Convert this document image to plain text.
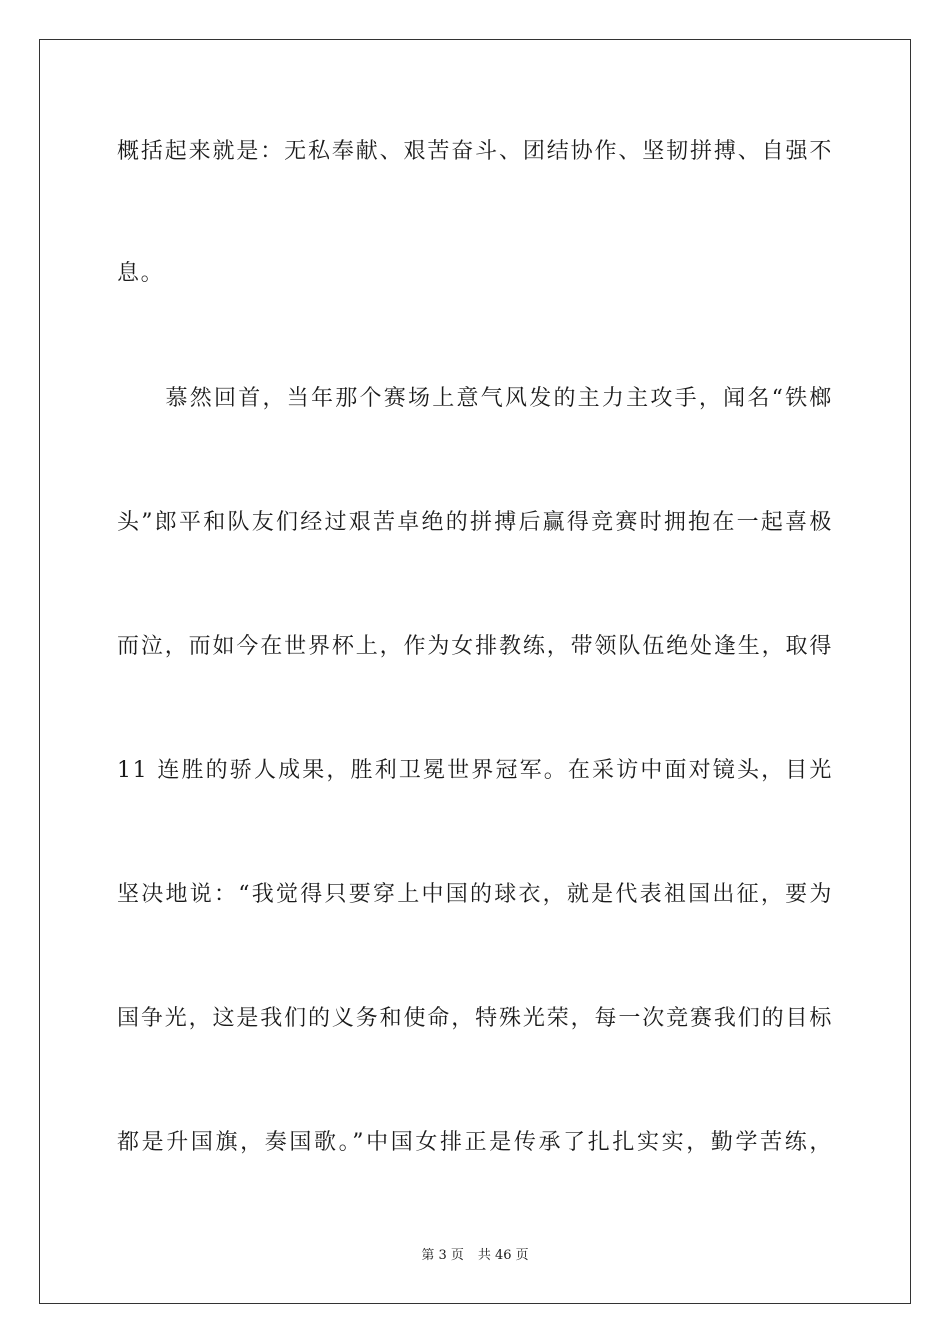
概括起来就是：无私奉献、艰苦奋斗、团结协作、坚韧拼搏、自强不
息。
　　慕然回首，当年那个赛场上意气风发的主力主攻手，闻名“铁榔
头”郎平和队友们经过艰苦卓绝的拼搏后赢得竞赛时拥抱在一起喜极
而泣，而如今在世界杯上，作为女排教练，带领队伍绝处逢生，取得
11 连胜的骄人成果，胜利卫冕世界冠军。在采访中面对镜头，目光
坚决地说：“我觉得只要穿上中国的球衣，就是代表祖国出征，要为
国争光，这是我们的义务和使命，特殊光荣，每一次竞赛我们的目标
都是升国旗，奏国歌。”中国女排正是传承了扎扎实实，勤学苦练，
第 3 页 共 46 页
